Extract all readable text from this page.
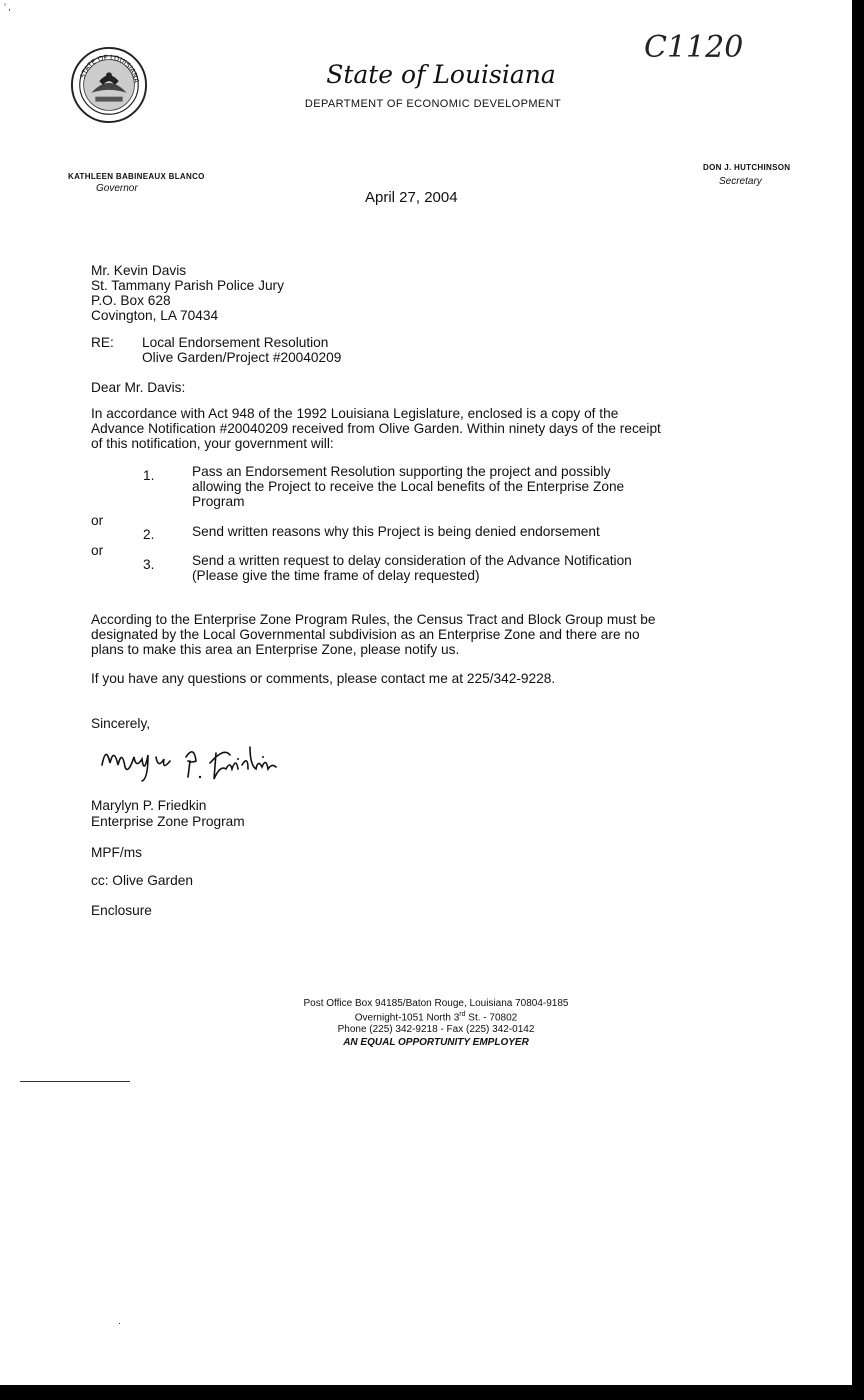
STATE OF LOUISIANA
C1120
State of Louisiana
DEPARTMENT OF ECONOMIC DEVELOPMENT
KATHLEEN BABINEAUX BLANCO
Governor
DON J. HUTCHINSON
Secretary
April 27, 2004
Mr. Kevin Davis
St. Tammany Parish Police Jury
P.O. Box 628
Covington, LA 70434
RE: Local Endorsement Resolution
Olive Garden/Project #20040209
Dear Mr. Davis:
In accordance with Act 948 of the 1992 Louisiana Legislature, enclosed is a copy of the
Advance Notification #20040209 received from Olive Garden. Within ninety days of the receipt
of this notification, your government will:
1.	Pass an Endorsement Resolution supporting the project and possibly
allowing the Project to receive the Local benefits of the Enterprise Zone
Program
or
2.	Send written reasons why this Project is being denied endorsement
or
3.	Send a written request to delay consideration of the Advance Notification
(Please give the time frame of delay requested)
According to the Enterprise Zone Program Rules, the Census Tract and Block Group must be
designated by the Local Governmental subdivision as an Enterprise Zone and there are no
plans to make this area an Enterprise Zone, please notify us.
If you have any questions or comments, please contact me at 225/342-9228.
Sincerely,
Marylyn P. Friedkin
Enterprise Zone Program
MPF/ms
cc: Olive Garden
Enclosure
Post Office Box 94185/Baton Rouge, Louisiana 70804-9185
Overnight-1051 North 3rd St. - 70802
Phone (225) 342-9218 - Fax (225) 342-0142
AN EQUAL OPPORTUNITY EMPLOYER
’ ,
·
